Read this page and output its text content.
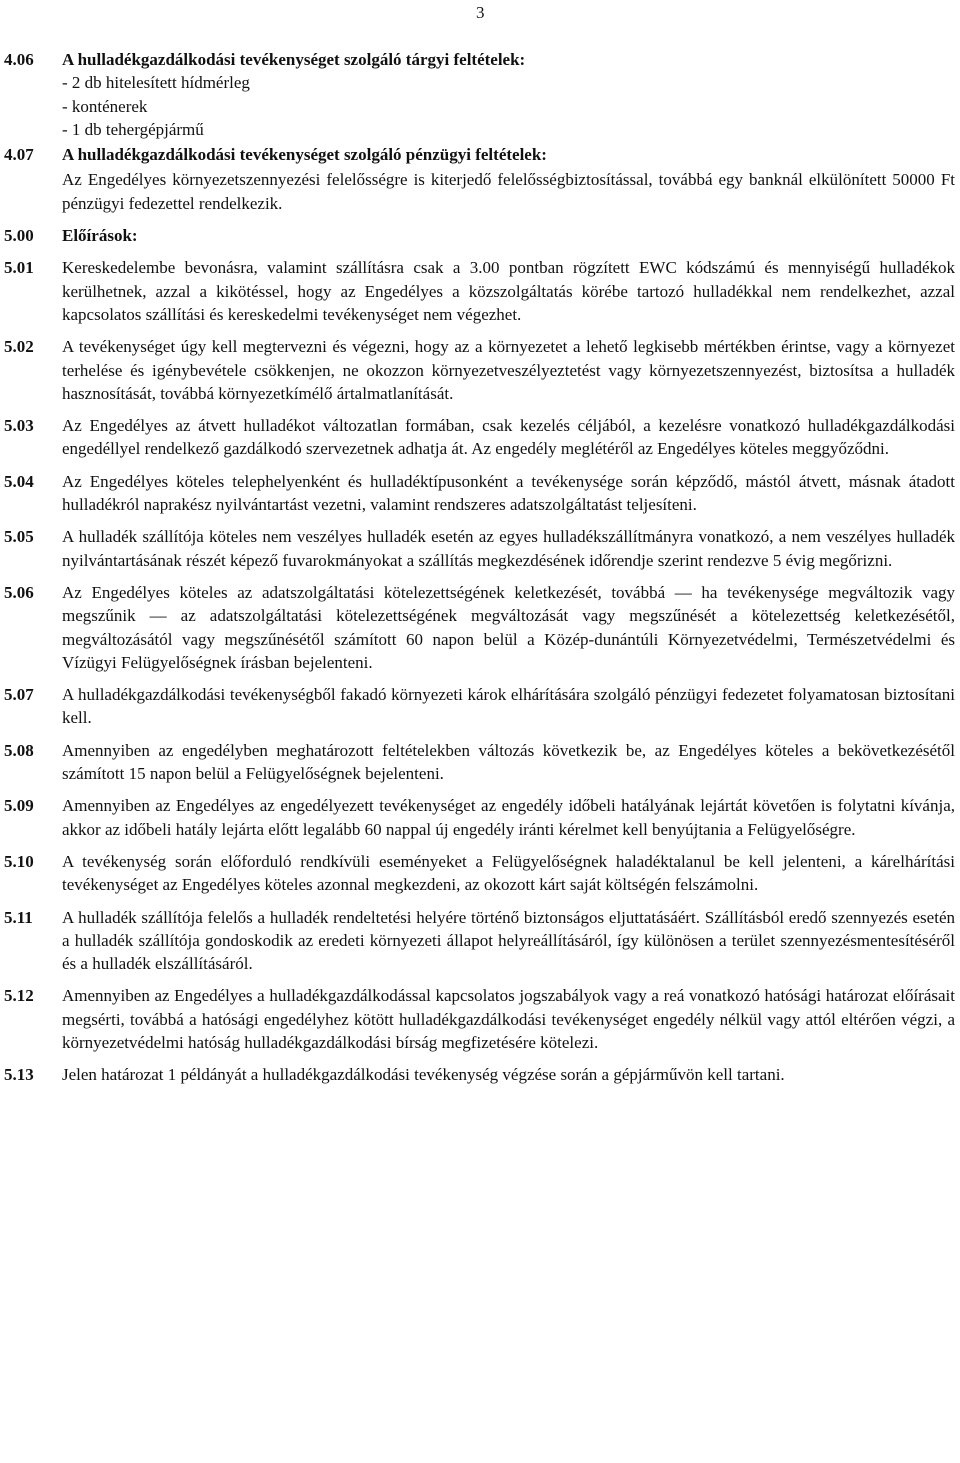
3
4.06 A hulladékgazdálkodási tevékenységet szolgáló tárgyi feltételek:
- 2 db hitelesített hídmérleg
- konténerek
- 1 db tehergépjármű
4.07 A hulladékgazdálkodási tevékenységet szolgáló pénzügyi feltételek:
Az Engedélyes környezetszennyezési felelősségre is kiterjedő felelősségbiztosítással, továbbá egy banknál elkülönített 50000 Ft pénzügyi fedezettel rendelkezik.
5.00 Előírások:
5.01 Kereskedelembe bevonásra, valamint szállításra csak a 3.00 pontban rögzített EWC kódszámú és mennyiségű hulladékok kerülhetnek, azzal a kikötéssel, hogy az Engedélyes a közszolgáltatás körébe tartozó hulladékkal nem rendelkezhet, azzal kapcsolatos szállítási és kereskedelmi tevékenységet nem végezhet.
5.02 A tevékenységet úgy kell megtervezni és végezni, hogy az a környezetet a lehető legkisebb mértékben érintse, vagy a környezet terhelése és igénybevétele csökkenjen, ne okozzon környezetveszélyeztetést vagy környezetszennyezést, biztosítsa a hulladék hasznosítását, továbbá környezetkímélő ártalmatlanítását.
5.03 Az Engedélyes az átvett hulladékot változatlan formában, csak kezelés céljából, a kezelésre vonatkozó hulladékgazdálkodási engedéllyel rendelkező gazdálkodó szervezetnek adhatja át. Az engedély meglétéről az Engedélyes köteles meggyőződni.
5.04 Az Engedélyes köteles telephelyenként és hulladéktípusonként a tevékenysége során képződő, mástól átvett, másnak átadott hulladékról naprakész nyilvántartást vezetni, valamint rendszeres adatszolgáltatást teljesíteni.
5.05 A hulladék szállítója köteles nem veszélyes hulladék esetén az egyes hulladékszállítmányra vonatkozó, a nem veszélyes hulladék nyilvántartásának részét képező fuvarokmányokat a szállítás megkezdésének időrendje szerint rendezve 5 évig megőrizni.
5.06 Az Engedélyes köteles az adatszolgáltatási kötelezettségének keletkezését, továbbá ― ha tevékenysége megváltozik vagy megszűnik ― az adatszolgáltatási kötelezettségének megváltozását vagy megszűnését a kötelezettség keletkezésétől, megváltozásától vagy megszűnésétől számított 60 napon belül a Közép-dunántúli Környezetvédelmi, Természetvédelmi és Vízügyi Felügyelőségnek írásban bejelenteni.
5.07 A hulladékgazdálkodási tevékenységből fakadó környezeti károk elhárítására szolgáló pénzügyi fedezetet folyamatosan biztosítani kell.
5.08 Amennyiben az engedélyben meghatározott feltételekben változás következik be, az Engedélyes köteles a bekövetkezésétől számított 15 napon belül a Felügyelőségnek bejelenteni.
5.09 Amennyiben az Engedélyes az engedélyezett tevékenységet az engedély időbeli hatályának lejártát követően is folytatni kívánja, akkor az időbeli hatály lejárta előtt legalább 60 nappal új engedély iránti kérelmet kell benyújtania a Felügyelőségre.
5.10 A tevékenység során előforduló rendkívüli eseményeket a Felügyelőségnek haladéktalanul be kell jelenteni, a kárelhárítási tevékenységet az Engedélyes köteles azonnal megkezdeni, az okozott kárt saját költségén felszámolni.
5.11 A hulladék szállítója felelős a hulladék rendeltetési helyére történő biztonságos eljuttatásáért. Szállításból eredő szennyezés esetén a hulladék szállítója gondoskodik az eredeti környezeti állapot helyreállításáról, így különösen a terület szennyezésmentesítéséről és a hulladék elszállításáról.
5.12 Amennyiben az Engedélyes a hulladékgazdálkodással kapcsolatos jogszabályok vagy a reá vonatkozó hatósági határozat előírásait megsérti, továbbá a hatósági engedélyhez kötött hulladékgazdálkodási tevékenységet engedély nélkül vagy attól eltérően végzi, a környezetvédelmi hatóság hulladékgazdálkodási bírság megfizetésére kötelezi.
5.13 Jelen határozat 1 példányát a hulladékgazdálkodási tevékenység végzése során a gépjárművön kell tartani.
